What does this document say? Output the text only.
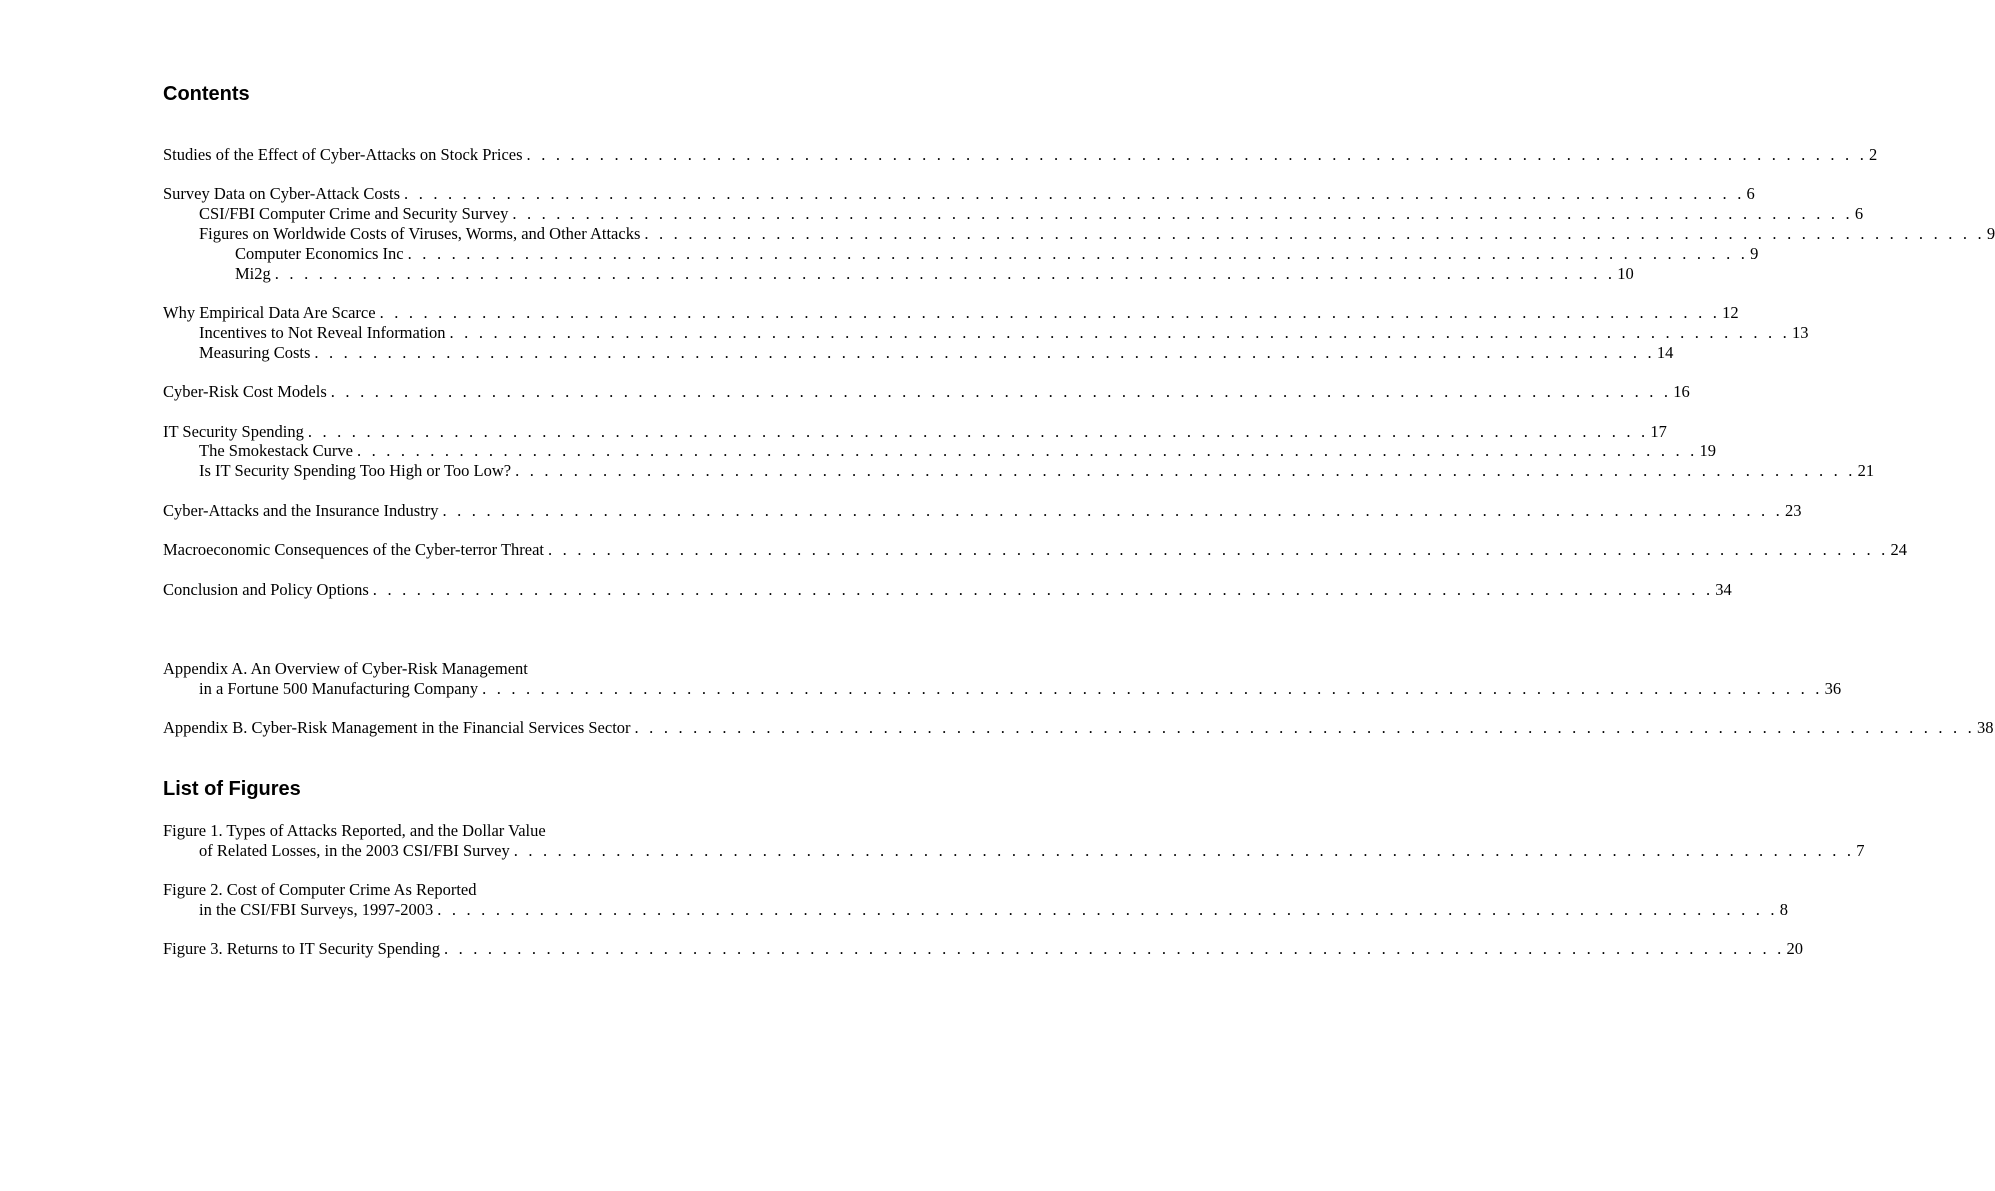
Contents
Studies of the Effect of Cyber-Attacks on Stock Prices . . . . . . . . . . . . . . . . . . . . . . . . . . . . . . . . . . . . . . . . . . . . . . . . . . . . . . . . . . . . . . . . . . . . . . . . . . . . . . . . . . . . . . . . . . . . 2
Survey Data on Cyber-Attack Costs . . . . . . . . . . . . . . . . . . . . . . . . . . . . . . . . . . . . . . . . . . . . . . . . . . . . . . . . . . . . . . . . . . . . . . . . . . . . . . . . . . . . . . . . . . . . 6
CSI/FBI Computer Crime and Security Survey . . . . . . . . . . . . . . . . . . . . . . . . . . . . . . . . . . . . . . . . . . . . . . . . . . . . . . . . . . . . . . . . . . . . . . . . . . . . . . . . . . . . . . . . . . . . 6
Figures on Worldwide Costs of Viruses, Worms, and Other Attacks . . . . . . . . . . . . . . . . . . . . . . . . . . . . . . . . . . . . . . . . . . . . . . . . . . . . . . . . . . . . . . . . . . . . . . . . . . . . . . . . . . . . . . . . . . . . 9
Computer Economics Inc . . . . . . . . . . . . . . . . . . . . . . . . . . . . . . . . . . . . . . . . . . . . . . . . . . . . . . . . . . . . . . . . . . . . . . . . . . . . . . . . . . . . . . . . . . . . 9
Mi2g . . . . . . . . . . . . . . . . . . . . . . . . . . . . . . . . . . . . . . . . . . . . . . . . . . . . . . . . . . . . . . . . . . . . . . . . . . . . . . . . . . . . . . . . . . . . 10
Why Empirical Data Are Scarce . . . . . . . . . . . . . . . . . . . . . . . . . . . . . . . . . . . . . . . . . . . . . . . . . . . . . . . . . . . . . . . . . . . . . . . . . . . . . . . . . . . . . . . . . . . . 12
Incentives to Not Reveal Information . . . . . . . . . . . . . . . . . . . . . . . . . . . . . . . . . . . . . . . . . . . . . . . . . . . . . . . . . . . . . . . . . . . . . . . . . . . . . . . . . . . . . . . . . . . . 13
Measuring Costs . . . . . . . . . . . . . . . . . . . . . . . . . . . . . . . . . . . . . . . . . . . . . . . . . . . . . . . . . . . . . . . . . . . . . . . . . . . . . . . . . . . . . . . . . . . . 14
Cyber-Risk Cost Models . . . . . . . . . . . . . . . . . . . . . . . . . . . . . . . . . . . . . . . . . . . . . . . . . . . . . . . . . . . . . . . . . . . . . . . . . . . . . . . . . . . . . . . . . . . . 16
IT Security Spending . . . . . . . . . . . . . . . . . . . . . . . . . . . . . . . . . . . . . . . . . . . . . . . . . . . . . . . . . . . . . . . . . . . . . . . . . . . . . . . . . . . . . . . . . . . . 17
The Smokestack Curve . . . . . . . . . . . . . . . . . . . . . . . . . . . . . . . . . . . . . . . . . . . . . . . . . . . . . . . . . . . . . . . . . . . . . . . . . . . . . . . . . . . . . . . . . . . . 19
Is IT Security Spending Too High or Too Low? . . . . . . . . . . . . . . . . . . . . . . . . . . . . . . . . . . . . . . . . . . . . . . . . . . . . . . . . . . . . . . . . . . . . . . . . . . . . . . . . . . . . . . . . . . . . 21
Cyber-Attacks and the Insurance Industry . . . . . . . . . . . . . . . . . . . . . . . . . . . . . . . . . . . . . . . . . . . . . . . . . . . . . . . . . . . . . . . . . . . . . . . . . . . . . . . . . . . . . . . . . . . . 23
Macroeconomic Consequences of the Cyber-terror Threat . . . . . . . . . . . . . . . . . . . . . . . . . . . . . . . . . . . . . . . . . . . . . . . . . . . . . . . . . . . . . . . . . . . . . . . . . . . . . . . . . . . . . . . . . . . . 24
Conclusion and Policy Options . . . . . . . . . . . . . . . . . . . . . . . . . . . . . . . . . . . . . . . . . . . . . . . . . . . . . . . . . . . . . . . . . . . . . . . . . . . . . . . . . . . . . . . . . . . . 34
Appendix A. An Overview of Cyber-Risk Management
in a Fortune 500 Manufacturing Company . . . . . . . . . . . . . . . . . . . . . . . . . . . . . . . . . . . . . . . . . . . . . . . . . . . . . . . . . . . . . . . . . . . . . . . . . . . . . . . . . . . . . . . . . . . . 36
Appendix B. Cyber-Risk Management in the Financial Services Sector . . . . . . . . . . . . . . . . . . . . . . . . . . . . . . . . . . . . . . . . . . . . . . . . . . . . . . . . . . . . . . . . . . . . . . . . . . . . . . . . . . . . . . . . . . . . 38
List of Figures
Figure 1. Types of Attacks Reported, and the Dollar Value
of Related Losses, in the 2003 CSI/FBI Survey . . . . . . . . . . . . . . . . . . . . . . . . . . . . . . . . . . . . . . . . . . . . . . . . . . . . . . . . . . . . . . . . . . . . . . . . . . . . . . . . . . . . . . . . . . . . 7
Figure 2. Cost of Computer Crime As Reported
in the CSI/FBI Surveys, 1997-2003 . . . . . . . . . . . . . . . . . . . . . . . . . . . . . . . . . . . . . . . . . . . . . . . . . . . . . . . . . . . . . . . . . . . . . . . . . . . . . . . . . . . . . . . . . . . . 8
Figure 3. Returns to IT Security Spending . . . . . . . . . . . . . . . . . . . . . . . . . . . . . . . . . . . . . . . . . . . . . . . . . . . . . . . . . . . . . . . . . . . . . . . . . . . . . . . . . . . . . . . . . . . . 20
